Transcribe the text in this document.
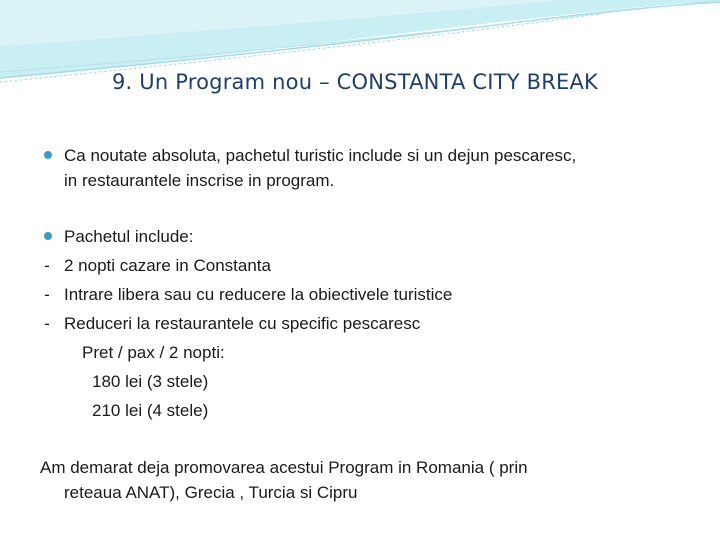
9. Un Program nou – CONSTANTA CITY BREAK
Ca noutate absoluta, pachetul turistic include si un dejun pescaresc,
in restaurantele inscrise in program.
Pachetul include:
- 2 nopti cazare in Constanta
- Intrare libera sau cu reducere la obiectivele turistice
- Reduceri la restaurantele cu specific pescaresc
Pret / pax / 2 nopti:
180 lei (3 stele)
210 lei (4 stele)
Am demarat deja promovarea acestui Program in Romania ( prin
reteaua ANAT), Grecia , Turcia si Cipru
